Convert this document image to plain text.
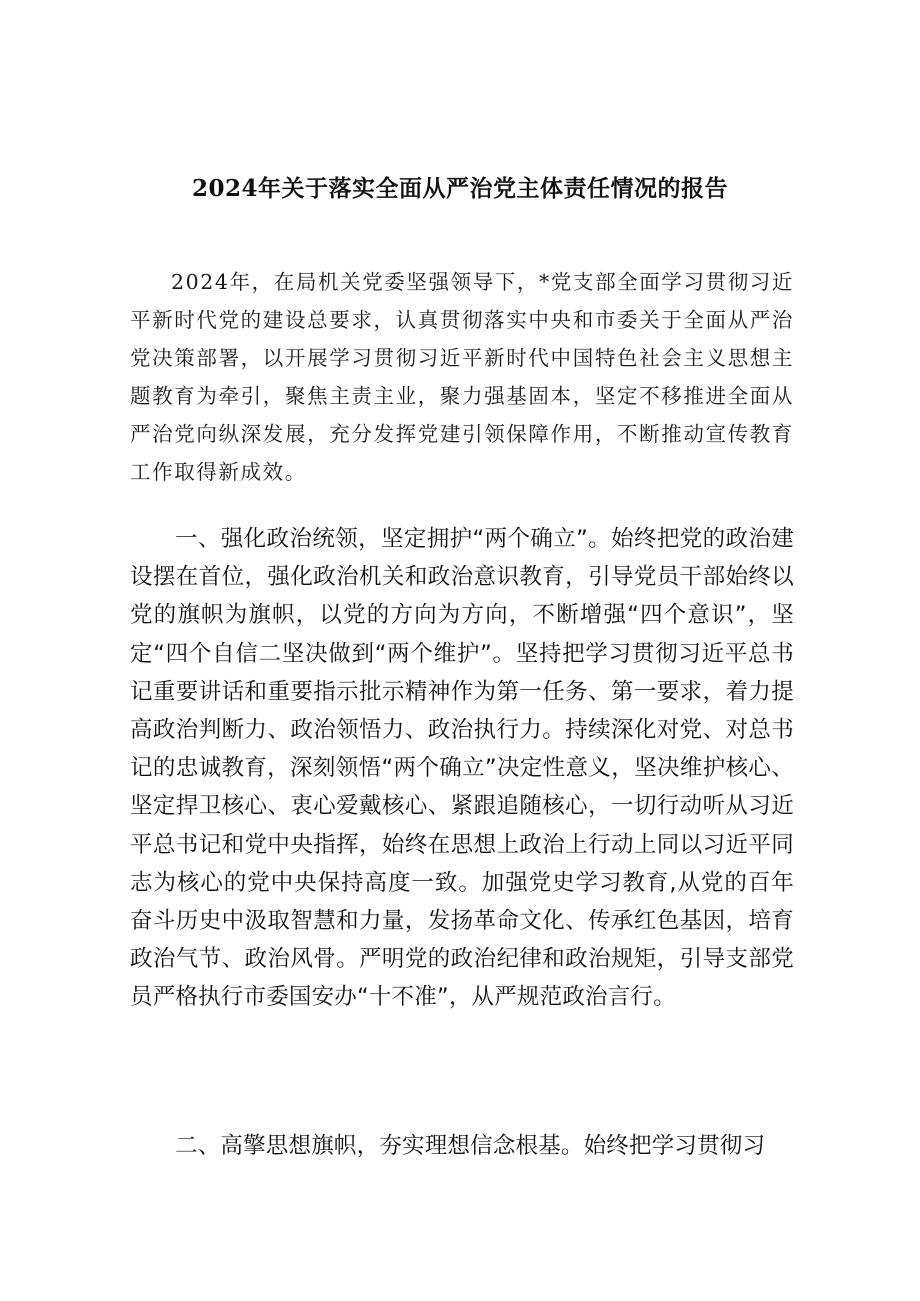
2024年关于落实全面从严治党主体责任情况的报告

2024年，在局机关党委坚强领导下，*党支部全面学习贯彻习近平新时代党的建设总要求，认真贯彻落实中央和市委关于全面从严治党决策部署，以开展学习贯彻习近平新时代中国特色社会主义思想主题教育为牵引，聚焦主责主业，聚力强基固本，坚定不移推进全面从严治党向纵深发展，充分发挥党建引领保障作用，不断推动宣传教育工作取得新成效。

一、强化政治统领，坚定拥护“两个确立”。始终把党的政治建设摆在首位，强化政治机关和政治意识教育，引导党员干部始终以党的旗帜为旗帜，以党的方向为方向，不断增强“四个意识”，坚定“四个自信二坚决做到“两个维护”。坚持把学习贯彻习近平总书记重要讲话和重要指示批示精神作为第一任务、第一要求，着力提高政治判断力、政治领悟力、政治执行力。持续深化对党、对总书记的忠诚教育，深刻领悟“两个确立”决定性意义，坚决维护核心、坚定捍卫核心、衷心爱戴核心、紧跟追随核心，一切行动听从习近平总书记和党中央指挥，始终在思想上政治上行动上同以习近平同志为核心的党中央保持高度一致。加强党史学习教育,从党的百年奋斗历史中汲取智慧和力量，发扬革命文化、传承红色基因，培育政治气节、政治风骨。严明党的政治纪律和政治规矩，引导支部党员严格执行市委国安办“十不准”，从严规范政治言行。

二、高擎思想旗帜，夯实理想信念根基。始终把学习贯彻习
